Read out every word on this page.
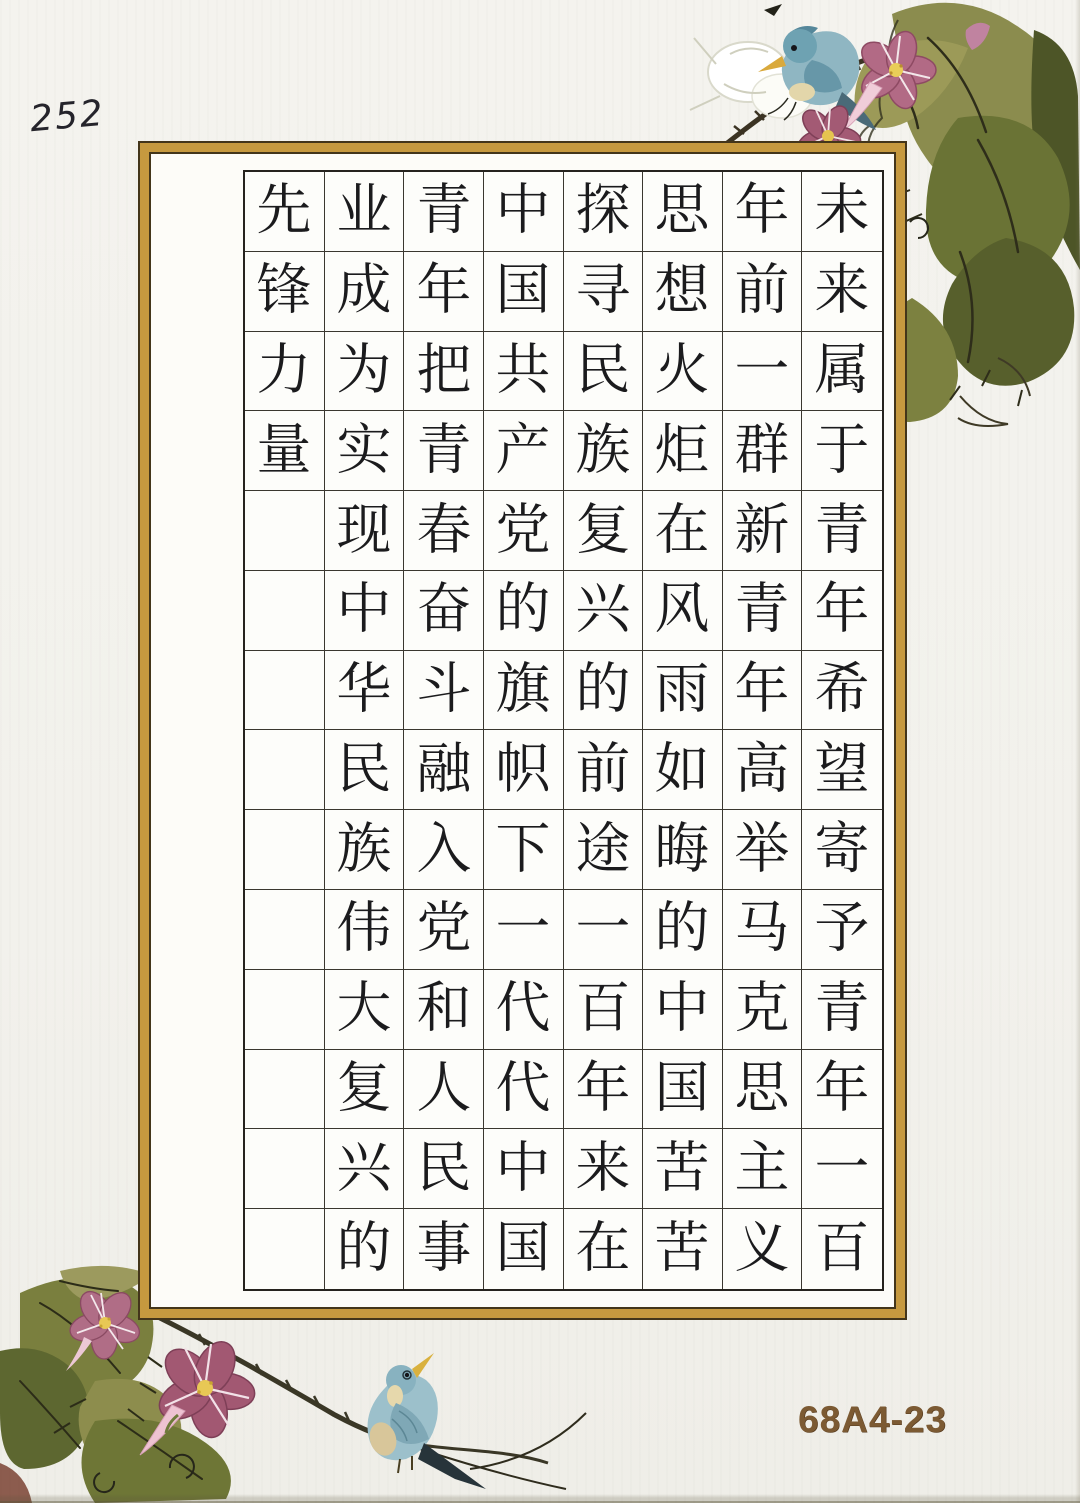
先 业 青 中 探 思 年 未
锋 成 年 国 寻 想 前 来
力 为 把 共 民 火 一 属
量 实 青 产 族 炬 群 于
现 春 党 复 在 新 青
中 奋 的 兴 风 青 年
华 斗 旗 的 雨 年 希
民 融 帜 前 如 高 望
族 入 下 途 晦 举 寄
伟 党 一 一 的 马 予
大 和 代 百 中 克 青
复 人 代 年 国 思 年
兴 民 中 来 苦 主 一
的 事 国 在 苦 义 百
252
68A4-23
